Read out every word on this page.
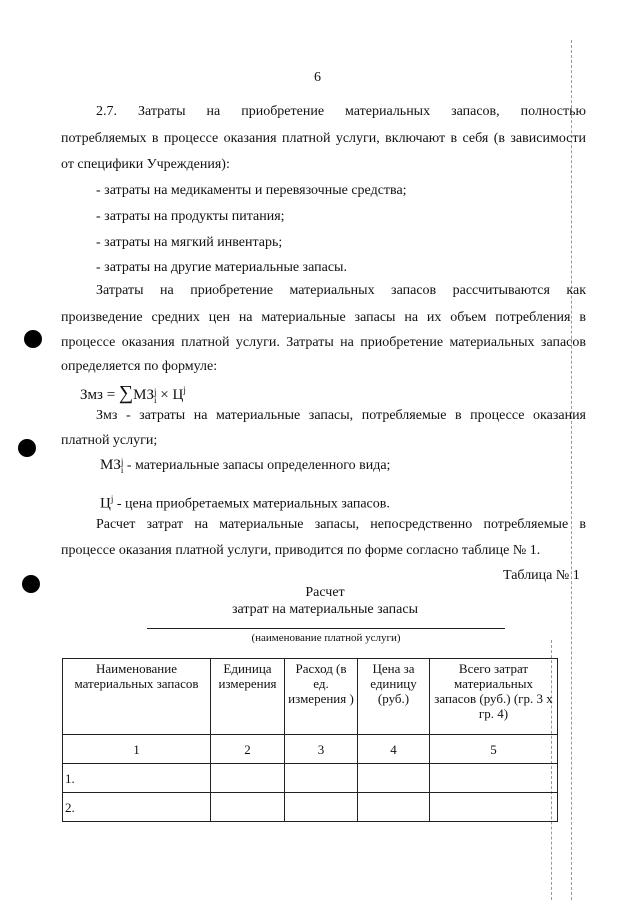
6
2.7. Затраты на приобретение материальных запасов, полностью
потребляемых в процессе оказания платной услуги, включают в себя (в зависимости
от специфики Учреждения):
- затраты на медикаменты и перевязочные средства;
- затраты на продукты питания;
- затраты на мягкий инвентарь;
- затраты на другие материальные запасы.
Затраты на приобретение материальных запасов рассчитываются как
произведение средних цен на материальные запасы на их объем потребления в
процессе оказания платной услуги. Затраты на приобретение материальных запасов
определяется по формуле:
Змз = ∑МЗj
$i \times Ц^j$
Змз - затраты на материальные запасы, потребляемые в процессе оказания
платной услуги;
МЗj
i - материальные запасы определенного вида;
$Ц^j$ - цена приобретаемых материальных запасов.
Расчет затрат на материальные запасы, непосредственно потребляемые в
процессе оказания платной услуги, приводится по форме согласно таблице № 1.
Таблица № 1
Расчет
затрат на материальные запасы
(наименование платной услуги)
Наименование материальных запасов	Единица измерения	Расход (в ед. измерения )	Цена за единицу (руб.)	Всего затрат материальных запасов (руб.) (гр. 3 х гр. 4)
1	2	3	4	5
1.				
2.				
